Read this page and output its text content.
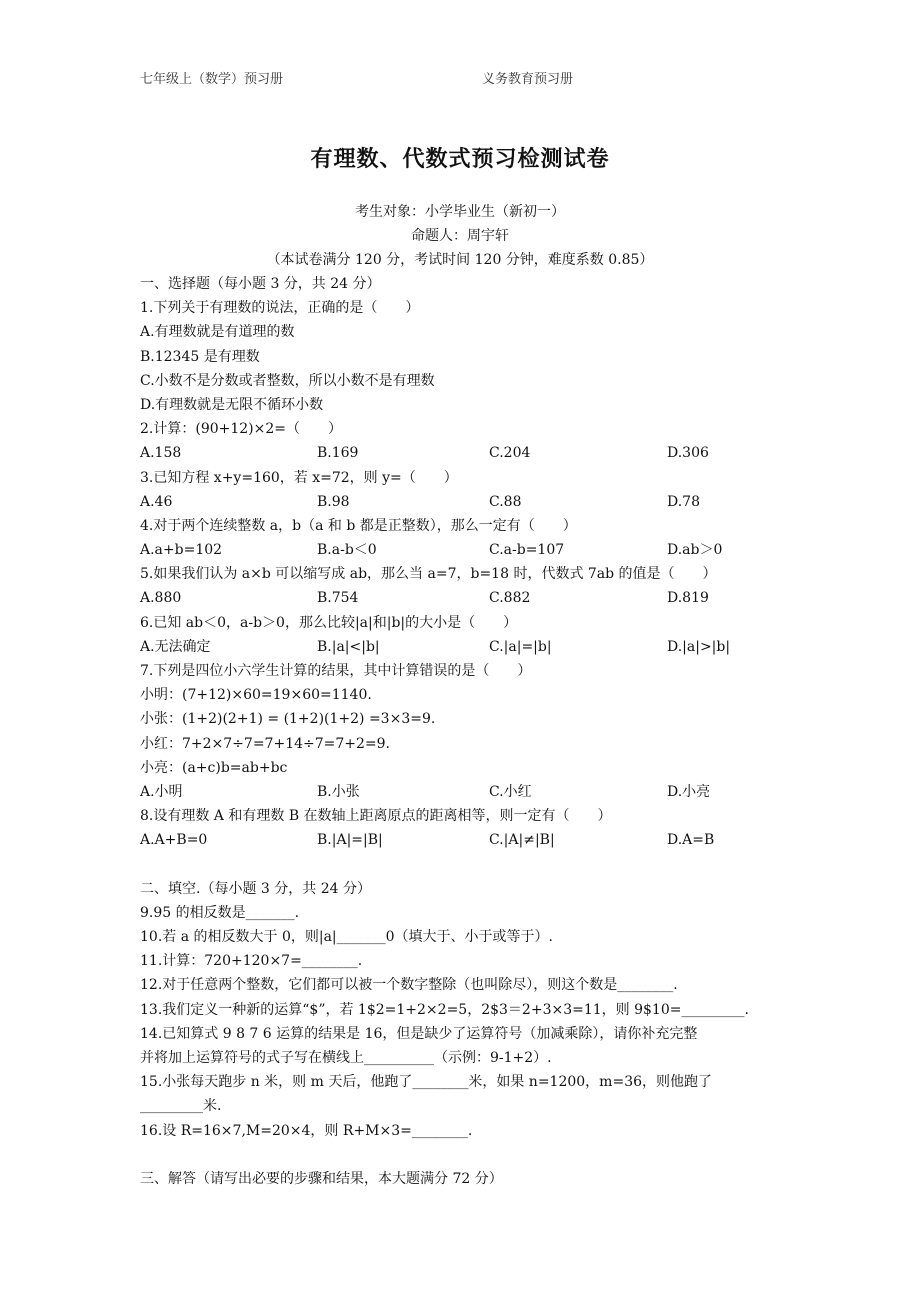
七年级上（数学）预习册	义务教育预习册
有理数、代数式预习检测试卷
考生对象：小学毕业生（新初一）
命题人：周宇轩
（本试卷满分 120 分，考试时间 120 分钟，难度系数 0.85）
一、选择题（每小题 3 分，共 24 分）
1.下列关于有理数的说法，正确的是（　　）
A.有理数就是有道理的数
B.12345 是有理数
C.小数不是分数或者整数，所以小数不是有理数
D.有理数就是无限不循环小数
2.计算：(90+12)×2=（　　）
A.158	B.169	C.204	D.306
3.已知方程 x+y=160，若 x=72，则 y=（　　）
A.46	B.98	C.88	D.78
4.对于两个连续整数 a，b（a 和 b 都是正整数），那么一定有（　　）
A.a+b=102	B.a-b＜0	C.a-b=107	D.ab＞0
5.如果我们认为 a×b 可以缩写成 ab，那么当 a=7，b=18 时，代数式 7ab 的值是（　　）
A.880	B.754	C.882	D.819
6.已知 ab＜0，a-b＞0，那么比较|a|和|b|的大小是（　　）
A.无法确定	B.|a|<|b|	C.|a|=|b|	D.|a|>|b|
7.下列是四位小六学生计算的结果，其中计算错误的是（　　）
小明：(7+12)×60=19×60=1140.
小张：(1+2)(2+1) = (1+2)(1+2) =3×3=9.
小红：7+2×7÷7=7+14÷7=7+2=9.
小亮：(a+c)b=ab+bc
A.小明	B.小张	C.小红	D.小亮
8.设有理数 A 和有理数 B 在数轴上距离原点的距离相等，则一定有（　　）
A.A+B=0	B.|A|=|B|	C.|A|≠|B|	D.A=B
二、填空.（每小题 3 分，共 24 分）
9.95 的相反数是_______.
10.若 a 的相反数大于 0，则|a|_______0（填大于、小于或等于）.
11.计算：720+120×7=________.
12.对于任意两个整数，它们都可以被一个数字整除（也叫除尽），则这个数是________.
13.我们定义一种新的运算“$”，若 1$2=1+2×2=5，2$3＝2+3×3=11，则 9$10=_________.
14.已知算式 9 8 7 6 运算的结果是 16，但是缺少了运算符号（加减乘除），请你补充完整
并将加上运算符号的式子写在横线上__________（示例：9-1+2）.
15.小张每天跑步 n 米，则 m 天后，他跑了________米，如果 n=1200，m=36，则他跑了
_________米.
16.设 R=16×7,M=20×4，则 R+M×3=________.
三、解答（请写出必要的步骤和结果，本大题满分 72 分）
